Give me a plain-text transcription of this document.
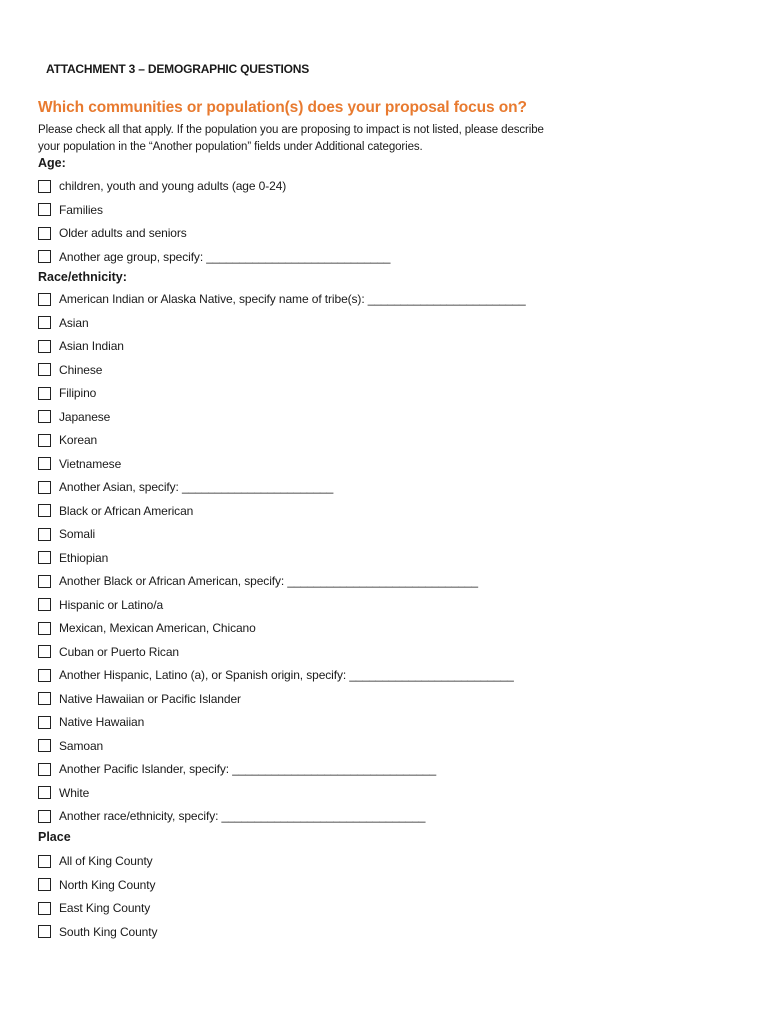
ATTACHMENT 3 – DEMOGRAPHIC QUESTIONS
Which communities or population(s) does your proposal focus on?
Please check all that apply. If the population you are proposing to impact is not listed, please describe
your population in the “Another population” fields under Additional categories.
Age:
Race/ethnicity:
Place
children, youth and young adults (age 0-24)
Families
Older adults and seniors
Another age group, specify: ____________________________
American Indian or Alaska Native, specify name of tribe(s): ________________________
Asian
Asian Indian
Chinese
Filipino
Japanese
Korean
Vietnamese
Another Asian, specify: _______________________
Black or African American
Somali
Ethiopian
Another Black or African American, specify: _____________________________
Hispanic or Latino/a
Mexican, Mexican American, Chicano
Cuban or Puerto Rican
Another Hispanic, Latino (a), or Spanish origin, specify: _________________________
Native Hawaiian or Pacific Islander
Native Hawaiian
Samoan
Another Pacific Islander, specify: _______________________________
White
Another race/ethnicity, specify: _______________________________
All of King County
North King County
East King County
South King County
